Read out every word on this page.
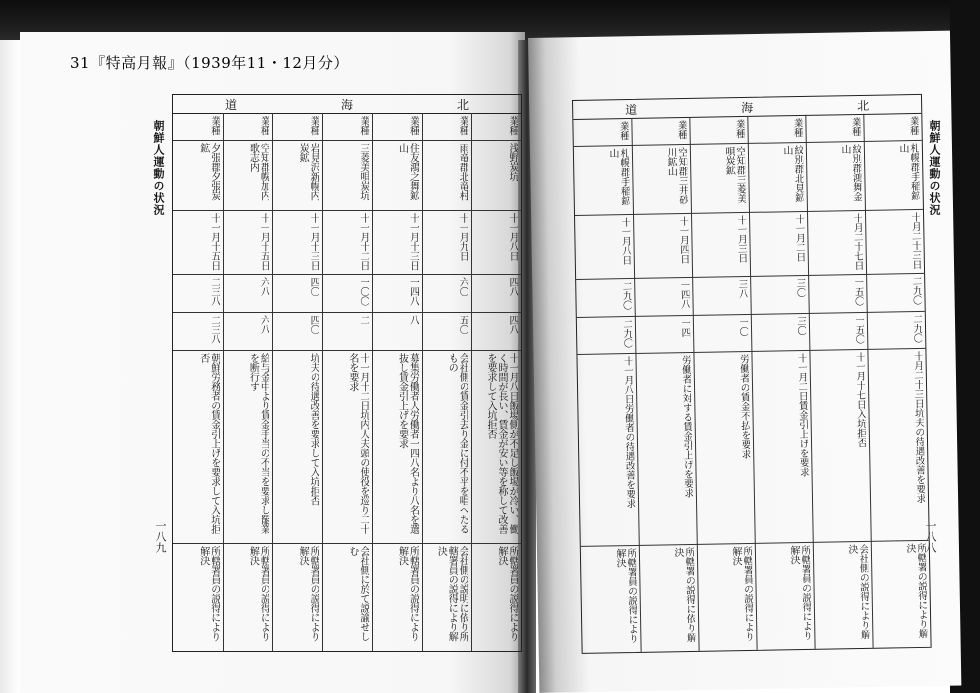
31『特高月報』（1939年11・12月分）
朝鮮人運動の状況
一八九
道	海	北
業種
浅野炭坑
十一月八日
四八
四八
十一月八日飯場側が不足し飯場が冷い、働く時間が長い、賃金が安い等を称して改善を要求して入坑拒否
所轄署員の説得により解決
業種
雨竜郡北竜村
十一月九日
六〇
五〇
会社側の賃金引去り金に付不平を唱へたるもの
会社側の説明に依り所轄署員の説得により解決
業種
住友鴻之舞鉱山
十一月十三日
一四八
八
募集労働者人労働者一四八名より八名を選抜し賃金引上げを要求
所轄署員の説得により解決
業種
三菱美唄炭坑
十一月十二日
一〇〇
二
十一月十二日坑内人夫頭の使役を巡り二十名を要求
会社側に於て説諭せしむ
業種
岩見沢新幌内炭鉱
十一月十三日
四〇
四〇
坑夫の待遇改善を要求して入坑拒否
所轄署員の説得により解決
業種
空知郡幌加内歌志内
十一月十五日
六八
六八
給与金中より賃金手当の不当を要求し罷業を断行す
所轄署員の説得により解決
業種
夕張郡夕張炭鉱
十一月十五日
二三八
二三八
朝鮮労務者の賃金引上げを要求して入坑拒否
所轄署員の説得により解決
朝鮮人運動の状況
一八八
道	海	北
業種
札幌郡手稲鉱山
十月二十三日
二九〇
二九〇
十月二十三日坑夫の待遇改善を要求
所轄署の説得により解決
業種
紋別郡鴻舞金山
十月二十七日
一五〇
一五〇
十一月十七日入坑拒否
会社側の説得により解決
業種
紋別郡北見鉱山
十一月二日
三〇
三〇
十一月二日賃金引上げを要求
所轄署員の説得により解決
業種
空知郡三菱美唄炭鉱
十一月三日
三八
一〇
労働者の賃金不払を要求
所轄署員の説得により解決
業種
空知郡三井砂川鉱山
十一月四日
一四八
一四
労働者に対する賃金引上げを要求
所轄署の説得に依り解決
業種
札幌郡手稲鉱山
十一月八日
二九〇
二九〇
十一月八日労働者の待遇改善を要求
所轄署員の説得により解決
